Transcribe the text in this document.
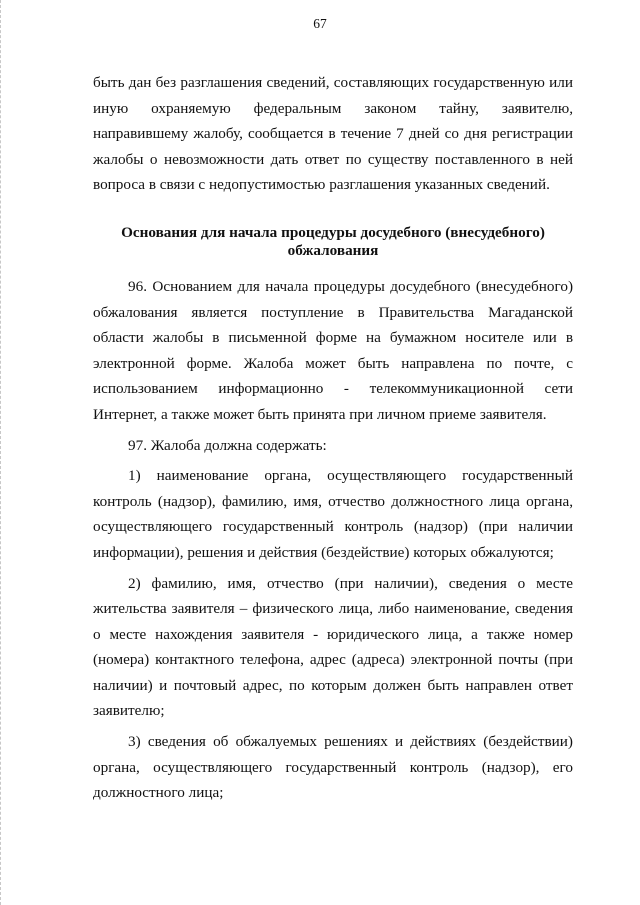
67

быть дан без разглашения сведений, составляющих государственную или иную охраняемую федеральным законом тайну, заявителю, направившему жалобу, сообщается в течение 7 дней со дня регистрации жалобы о невозможности дать ответ по существу поставленного в ней вопроса в связи с недопустимостью разглашения указанных сведений.

Основания для начала процедуры досудебного (внесудебного) обжалования

96. Основанием для начала процедуры досудебного (внесудебного) обжалования является поступление в Правительства Магаданской области жалобы в письменной форме на бумажном носителе или в электронной форме. Жалоба может быть направлена по почте, с использованием информационно - телекоммуникационной сети Интернет, а также может быть принята при личном приеме заявителя.

97. Жалоба должна содержать:

1) наименование органа, осуществляющего государственный контроль (надзор), фамилию, имя, отчество должностного лица органа, осуществляющего государственный контроль (надзор) (при наличии информации), решения и действия (бездействие) которых обжалуются;

2) фамилию, имя, отчество (при наличии), сведения о месте жительства заявителя – физического лица, либо наименование, сведения о месте нахождения заявителя - юридического лица, а также номер (номера) контактного телефона, адрес (адреса) электронной почты (при наличии) и почтовый адрес, по которым должен быть направлен ответ заявителю;

3) сведения об обжалуемых решениях и действиях (бездействии) органа, осуществляющего государственный контроль (надзор), его должностного лица;
